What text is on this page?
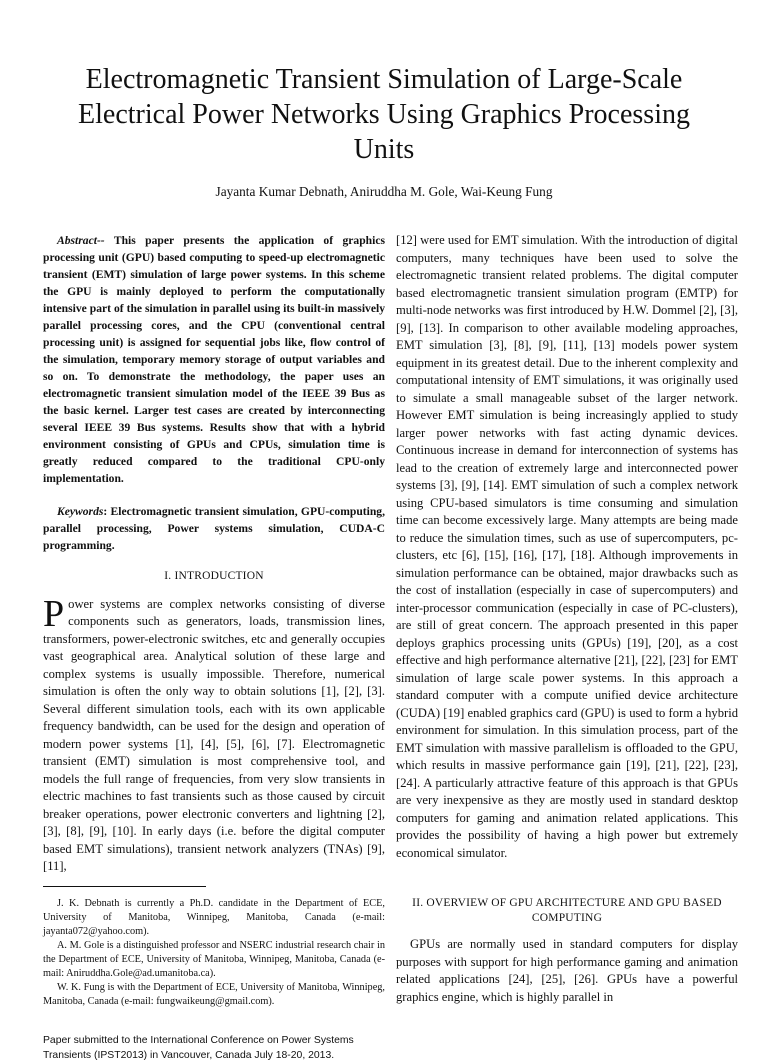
Electromagnetic Transient Simulation of Large-Scale Electrical Power Networks Using Graphics Processing Units
Jayanta Kumar Debnath, Aniruddha M. Gole, Wai-Keung Fung

Abstract-- This paper presents the application of graphics processing unit (GPU) based computing to speed-up electromagnetic transient (EMT) simulation of large power systems. In this scheme the GPU is mainly deployed to perform the computationally intensive part of the simulation in parallel using its built-in massively parallel processing cores, and the CPU (conventional central processing unit) is assigned for sequential jobs like, flow control of the simulation, temporary memory storage of output variables and so on. To demonstrate the methodology, the paper uses an electromagnetic transient simulation model of the IEEE 39 Bus as the basic kernel. Larger test cases are created by interconnecting several IEEE 39 Bus systems. Results show that with a hybrid environment consisting of GPUs and CPUs, simulation time is greatly reduced compared to the traditional CPU-only implementation.

Keywords: Electromagnetic transient simulation, GPU-computing, parallel processing, Power systems simulation, CUDA-C programming.

I. INTRODUCTION

Power systems are complex networks consisting of diverse components such as generators, loads, transmission lines, transformers, power-electronic switches, etc and generally occupies vast geographical area. Analytical solution of these large and complex systems is usually impossible. Therefore, numerical simulation is often the only way to obtain solutions [1], [2], [3]. Several different simulation tools, each with its own applicable frequency bandwidth, can be used for the design and operation of modern power systems [1], [4], [5], [6], [7]. Electromagnetic transient (EMT) simulation is most comprehensive tool, and models the full range of frequencies, from very slow transients in electric machines to fast transients such as those caused by circuit breaker operations, power electronic converters and lightning [2], [3], [8], [9], [10]. In early days (i.e. before the digital computer based EMT simulations), transient network analyzers (TNAs) [9], [11],

J. K. Debnath is currently a Ph.D. candidate in the Department of ECE, University of Manitoba, Winnipeg, Manitoba, Canada (e-mail: jayanta072@yahoo.com).

A. M. Gole is a distinguished professor and NSERC industrial research chair in the Department of ECE, University of Manitoba, Winnipeg, Manitoba, Canada (e-mail: Aniruddha.Gole@ad.umanitoba.ca).

W. K. Fung is with the Department of ECE, University of Manitoba, Winnipeg, Manitoba, Canada (e-mail: fungwaikeung@gmail.com).

Paper submitted to the International Conference on Power Systems Transients (IPST2013) in Vancouver, Canada July 18-20, 2013.

[12] were used for EMT simulation. With the introduction of digital computers, many techniques have been used to solve the electromagnetic transient related problems. The digital computer based electromagnetic transient simulation program (EMTP) for multi-node networks was first introduced by H.W. Dommel [2], [3], [9], [13]. In comparison to other available modeling approaches, EMT simulation [3], [8], [9], [11], [13] models power system equipment in its greatest detail. Due to the inherent complexity and computational intensity of EMT simulations, it was originally used to simulate a small manageable subset of the larger network. However EMT simulation is being increasingly applied to study larger power networks with fast acting dynamic devices. Continuous increase in demand for interconnection of systems has lead to the creation of extremely large and interconnected power systems [3], [9], [14]. EMT simulation of such a complex network using CPU-based simulators is time consuming and simulation time can become excessively large. Many attempts are being made to reduce the simulation times, such as use of supercomputers, pc-clusters, etc [6], [15], [16], [17], [18]. Although improvements in simulation performance can be obtained, major drawbacks such as the cost of installation (especially in case of supercomputers) and inter-processor communication (especially in case of PC-clusters), are still of great concern. The approach presented in this paper deploys graphics processing units (GPUs) [19], [20], as a cost effective and high performance alternative [21], [22], [23] for EMT simulation of large scale power systems. In this approach a standard computer with a compute unified device architecture (CUDA) [19] enabled graphics card (GPU) is used to form a hybrid environment for simulation. In this simulation process, part of the EMT simulation with massive parallelism is offloaded to the GPU, which results in massive performance gain [19], [21], [22], [23], [24]. A particularly attractive feature of this approach is that GPUs are very inexpensive as they are mostly used in standard desktop computers for gaming and animation related applications. This provides the possibility of having a high power but extremely economical simulator.

II. OVERVIEW OF GPU ARCHITECTURE AND GPU BASED COMPUTING

GPUs are normally used in standard computers for display purposes with support for high performance gaming and animation related applications [24], [25], [26]. GPUs have a powerful graphics engine, which is highly parallel in
